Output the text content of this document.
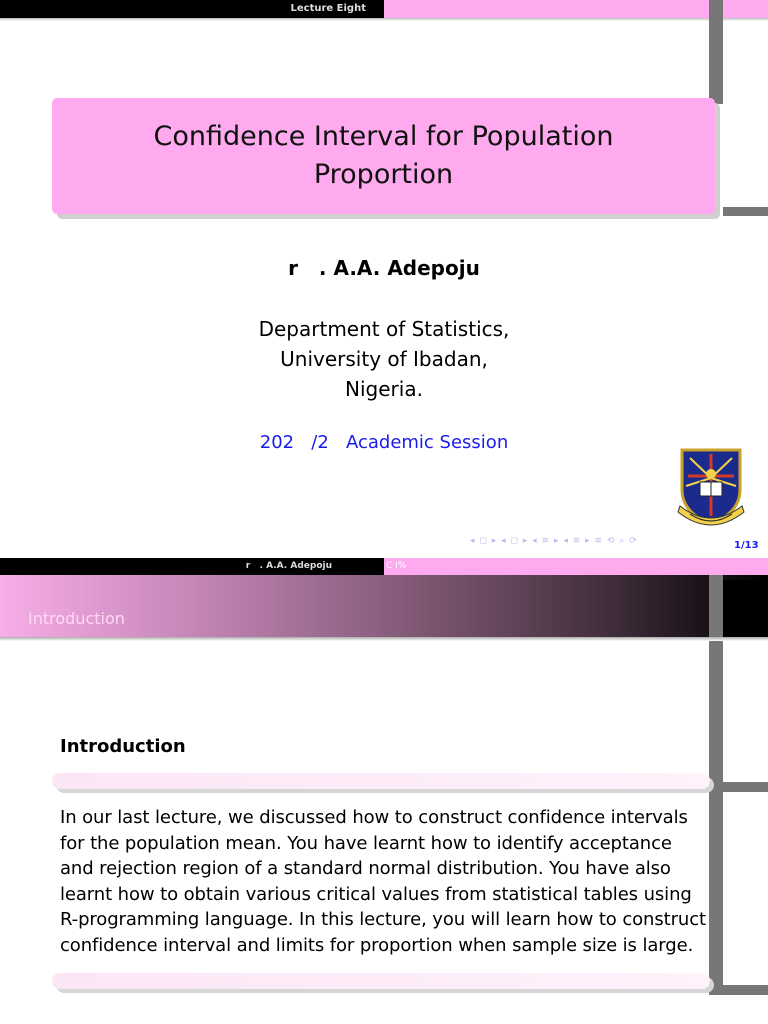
Lecture Eight
Confidence Interval for Population Proportion
r   . A.A. Adepoju
Department of Statistics,
University of Ibadan,
Nigeria.
202   /2   Academic Session
◂ ◻ ▸ ◂ ◻ ▸ ◂ ≡ ▸ ◂ ≡ ▸ ≡ ⟲ ⌕ ⟳	1/13
r   . A.A. Adepoju	C I%
Introduction
Introduction
In our last lecture, we discussed how to construct confidence intervals for the population mean. You have learnt how to identify acceptance and rejection region of a standard normal distribution. You have also learnt how to obtain various critical values from statistical tables using R-programming language. In this lecture, you will learn how to construct confidence interval and limits for proportion when sample size is large.
